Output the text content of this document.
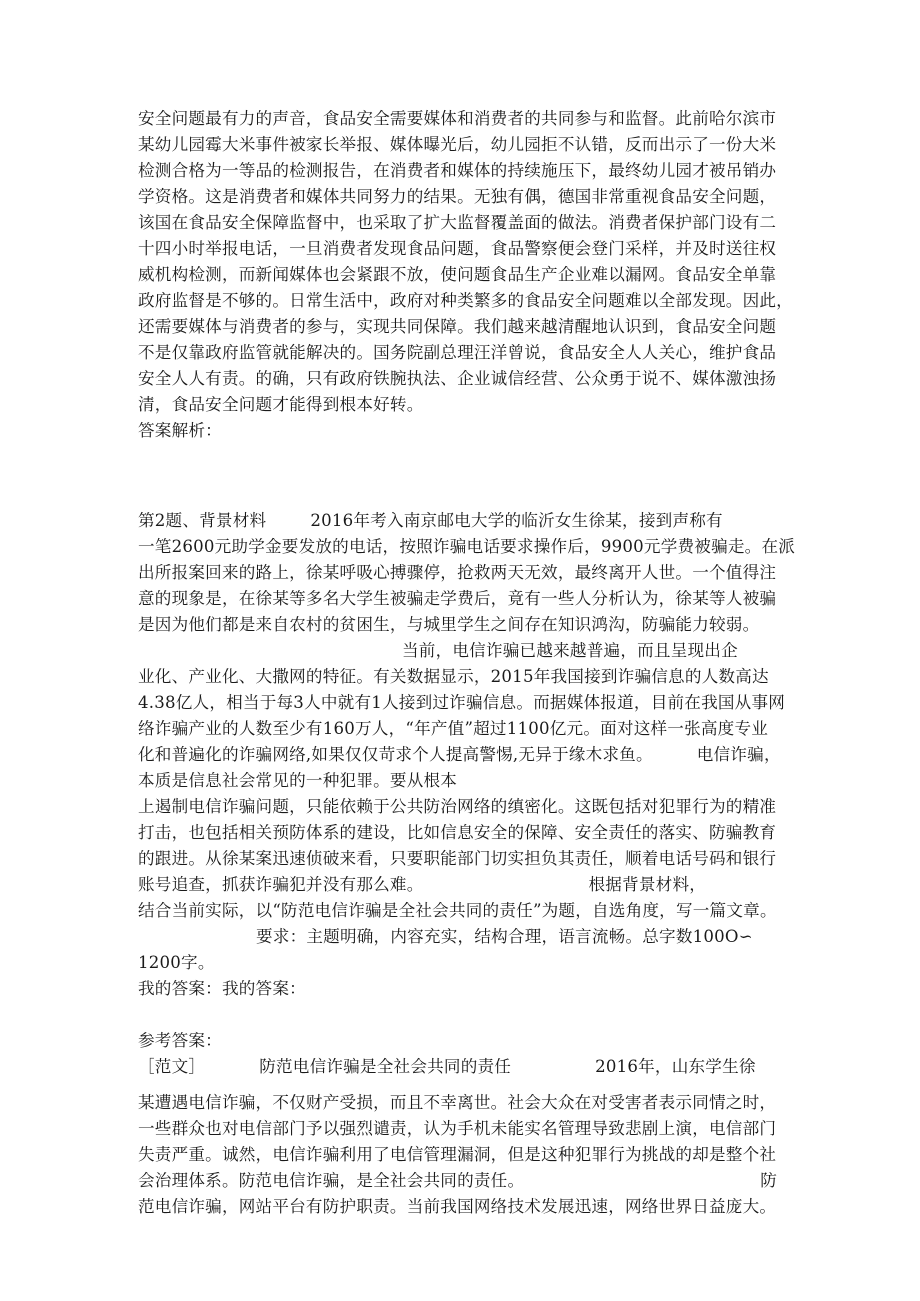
安全问题最有力的声音，食品安全需要媒体和消费者的共同参与和监督。此前哈尔滨市
某幼儿园霉大米事件被家长举报、媒体曝光后，幼儿园拒不认错，反而出示了一份大米
检测合格为一等品的检测报告，在消费者和媒体的持续施压下，最终幼儿园才被吊销办
学资格。这是消费者和媒体共同努力的结果。无独有偶，德国非常重视食品安全问题，
该国在食品安全保障监督中，也采取了扩大监督覆盖面的做法。消费者保护部门设有二
十四小时举报电话，一旦消费者发现食品问题，食品警察便会登门采样，并及时送往权
威机构检测，而新闻媒体也会紧跟不放，使问题食品生产企业难以漏网。食品安全单靠
政府监督是不够的。日常生活中，政府对种类繁多的食品安全问题难以全部发现。因此，
还需要媒体与消费者的参与，实现共同保障。我们越来越清醒地认识到，食品安全问题
不是仅靠政府监管就能解决的。国务院副总理汪洋曾说，食品安全人人关心，维护食品
安全人人有责。的确，只有政府铁腕执法、企业诚信经营、公众勇于说不、媒体激浊扬
清，食品安全问题才能得到根本好转。
答案解析：
第2题、背景材料	2016年考入南京邮电大学的临沂女生徐某，接到声称有
一笔2600元助学金要发放的电话，按照诈骗电话要求操作后，9900元学费被骗走。在派
出所报案回来的路上，徐某呼吸心搏骤停，抢救两天无效，最终离开人世。一个值得注
意的现象是，在徐某等多名大学生被骗走学费后，竟有一些人分析认为，徐某等人被骗
是因为他们都是来自农村的贫困生，与城里学生之间存在知识鸿沟，防骗能力较弱。
当前，电信诈骗已越来越普遍，而且呈现出企
业化、产业化、大撒网的特征。有关数据显示，2015年我国接到诈骗信息的人数高达
4.38亿人，相当于每3人中就有1人接到过诈骗信息。而据媒体报道，目前在我国从事网
络诈骗产业的人数至少有160万人，“年产值”超过1100亿元。面对这样一张高度专业
化和普遍化的诈骗网络,如果仅仅苛求个人提高警惕,无异于缘木求鱼。	电信诈骗，
本质是信息社会常见的一种犯罪。要从根本
上遏制电信诈骗问题，只能依赖于公共防治网络的缜密化。这既包括对犯罪行为的精准
打击，也包括相关预防体系的建设，比如信息安全的保障、安全责任的落实、防骗教育
的跟进。从徐某案迅速侦破来看，只要职能部门切实担负其责任，顺着电话号码和银行
账号追查，抓获诈骗犯并没有那么难。	根据背景材料，
结合当前实际，以“防范电信诈骗是全社会共同的责任”为题，自选角度，写一篇文章。
要求：主题明确，内容充实，结构合理，语言流畅。总字数100O∽
1200字。
我的答案：我的答案：
参考答案：
［范文］	防范电信诈骗是全社会共同的责任	2016年，山东学生徐
某遭遇电信诈骗，不仅财产受损，而且不幸离世。社会大众在对受害者表示同情之时，
一些群众也对电信部门予以强烈谴责，认为手机未能实名管理导致悲剧上演，电信部门
失责严重。诚然，电信诈骗利用了电信管理漏洞，但是这种犯罪行为挑战的却是整个社
会治理体系。防范电信诈骗，是全社会共同的责任。	防
范电信诈骗，网站平台有防护职责。当前我国网络技术发展迅速，网络世界日益庞大。
